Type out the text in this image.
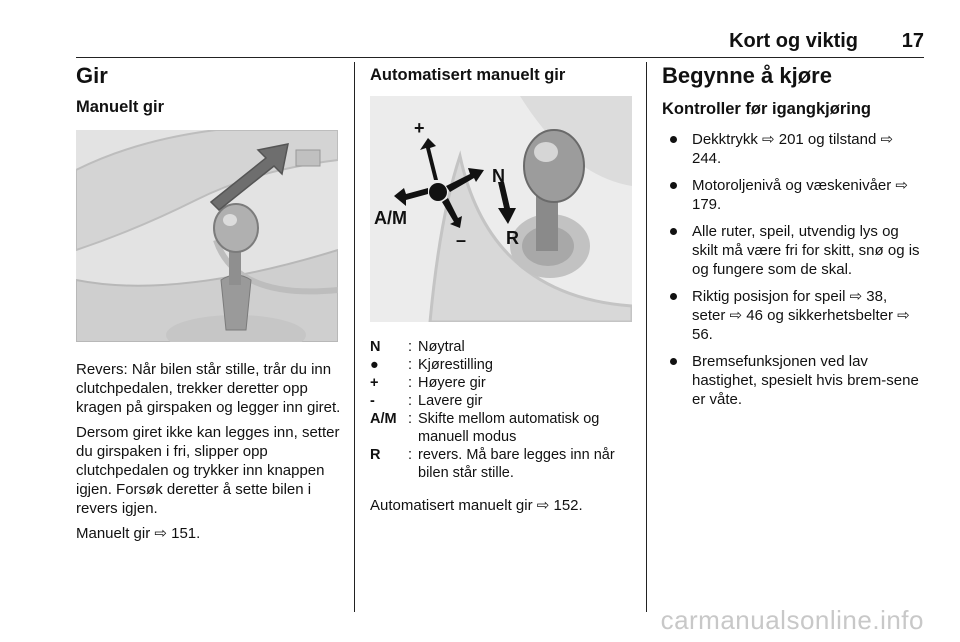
Kort og viktig 17
Gir
Manuelt gir

Revers: Når bilen står stille, trår du inn clutchpedalen, trekker deretter opp kragen på girspaken og legger inn giret.

Dersom giret ikke kan legges inn, setter du girspaken i fri, slipper opp clutchpedalen og trykker inn knappen igjen. Forsøk deretter å sette bilen i revers igjen.

Manuelt gir ⇨ 151.

Automatisert manuelt gir
+
N
A/M
– R
N	: Nøytral
●	: Kjørestilling
+	: Høyere gir
-	: Lavere gir
A/M : Skifte mellom automatisk og manuell modus
R	: revers. Må bare legges inn når bilen står stille.

Automatisert manuelt gir ⇨ 152.

Begynne å kjøre
Kontroller før igangkjøring
Dekktrykk ⇨ 201 og tilstand ⇨ 244.
Motoroljenivå og væskenivåer ⇨ 179.
Alle ruter, speil, utvendig lys og skilt må være fri for skitt, snø og is og fungere som de skal.
Riktig posisjon for speil ⇨ 38, seter ⇨ 46 og sikkerhetsbelter ⇨ 56.
Bremsefunksjonen ved lav hastighet, spesielt hvis brem-sene er våte.
carmanualsonline.info
